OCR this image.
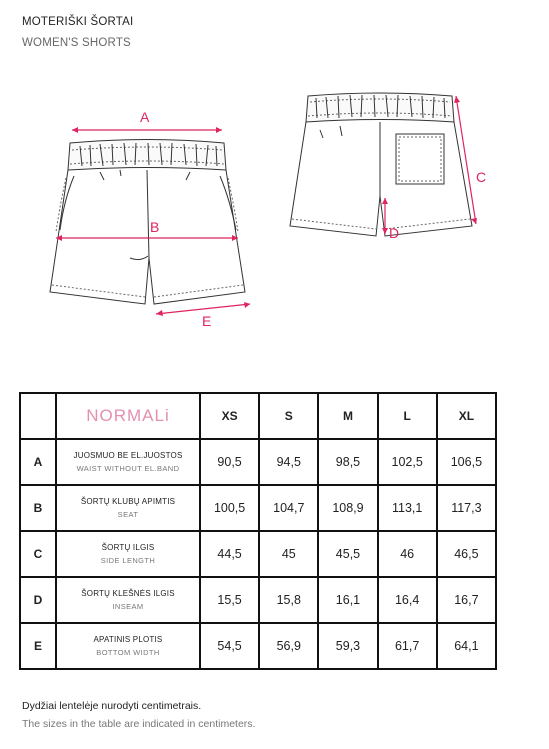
MOTERIŠKI ŠORTAI
WOMEN'S SHORTS
A
B
C
D
E
	NORMALi	XS	S	M	L	XL
A	JUOSMUO BE EL.JUOSTOS
WAIST WITHOUT EL.BAND	90,5	94,5	98,5	102,5	106,5
B	ŠORTŲ KLUBŲ APIMTIS
SEAT	100,5	104,7	108,9	113,1	117,3
C	ŠORTŲ ILGIS
SIDE LENGTH	44,5	45	45,5	46	46,5
D	ŠORTŲ KLEŠNĖS ILGIS
INSEAM	15,5	15,8	16,1	16,4	16,7
E	APATINIS PLOTIS
BOTTOM WIDTH	54,5	56,9	59,3	61,7	64,1
Dydžiai lentelėje nurodyti centimetrais.
The sizes in the table are indicated in centimeters.
